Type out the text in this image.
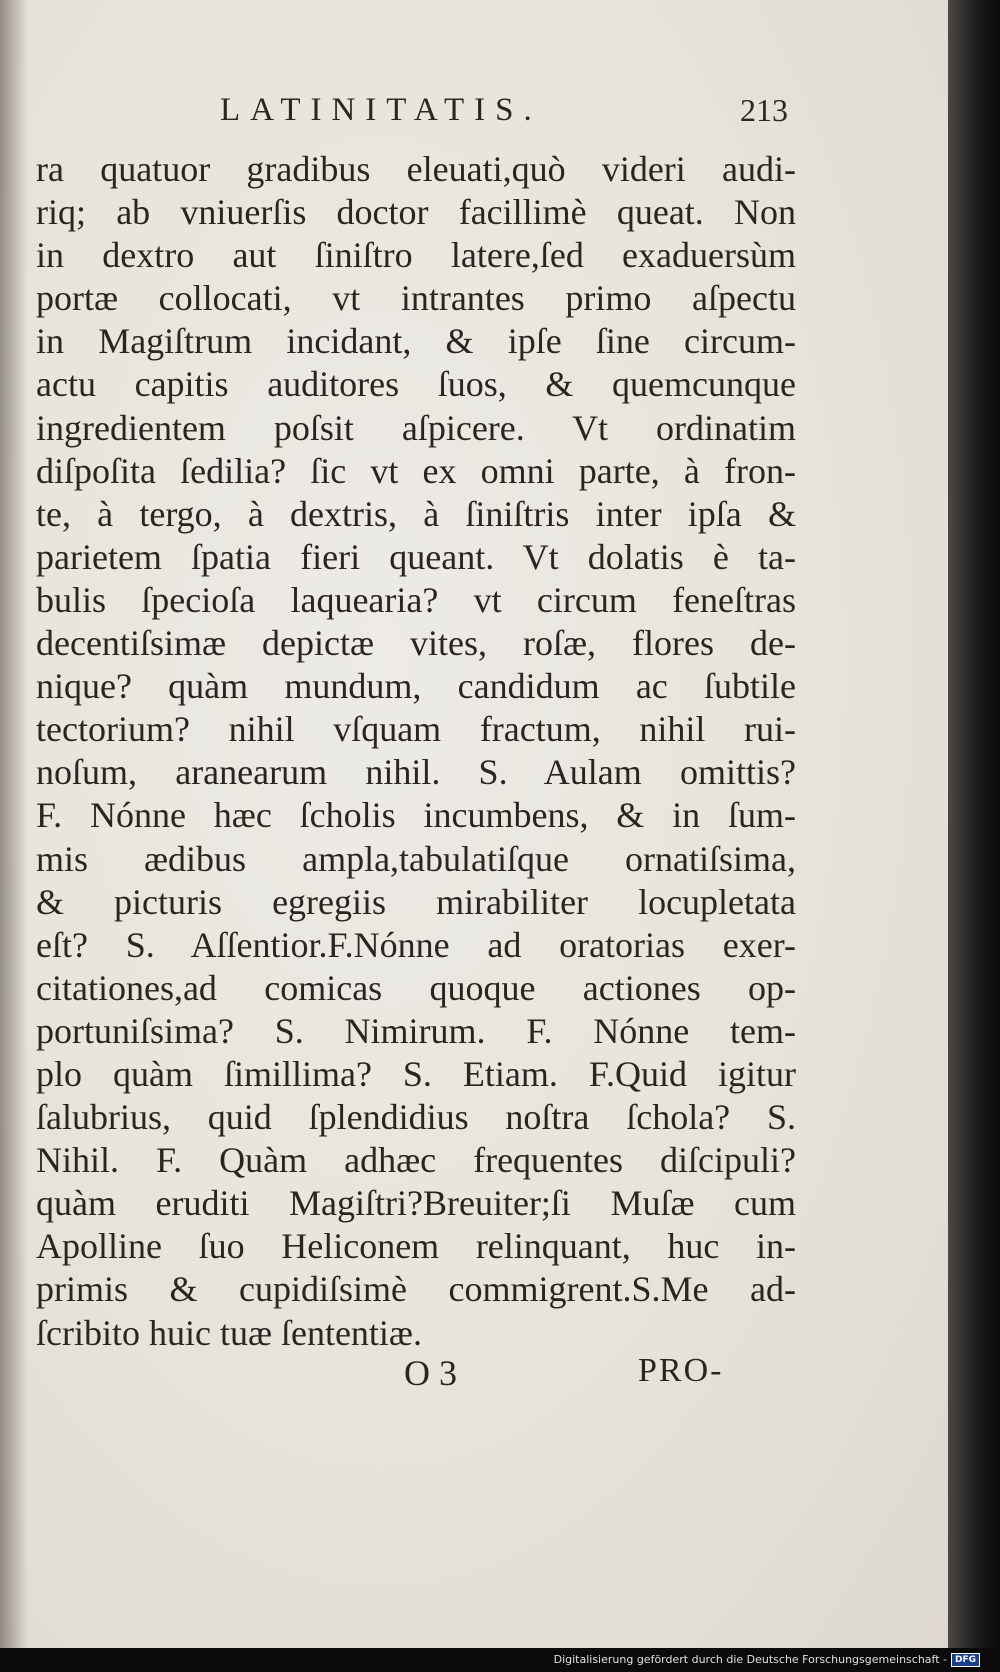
LATINITATIS.	213
ra quatuor gradibus eleuati,quò videri audi-
riq; ab vniuerſis doctor facillimè queat. Non
in dextro aut ſiniſtro latere,ſed exaduersùm
portæ collocati, vt intrantes primo aſpectu
in Magiſtrum incidant, & ipſe ſine circum-
actu capitis auditores ſuos, & quemcunque
ingredientem poſsit aſpicere. Vt ordinatim
diſpoſita ſedilia? ſic vt ex omni parte, à fron-
te, à tergo, à dextris, à ſiniſtris inter ipſa &
parietem ſpatia fieri queant. Vt dolatis è ta-
bulis ſpecioſa laquearia? vt circum feneſtras
decentiſsimæ depictæ vites, roſæ, flores de-
nique? quàm mundum, candidum ac ſubtile
tectorium? nihil vſquam fractum, nihil rui-
noſum, aranearum nihil. S. Aulam omittis?
F. Nónne hæc ſcholis incumbens, & in ſum-
mis ædibus ampla,tabulatiſque ornatiſsima,
& picturis egregiis mirabiliter locupletata
eſt? S. Aſſentior.F.Nónne ad oratorias exer-
citationes,ad comicas quoque actiones op-
portuniſsima? S. Nimirum. F. Nónne tem-
plo quàm ſimillima? S. Etiam. F.Quid igitur
ſalubrius, quid ſplendidius noſtra ſchola? S.
Nihil. F. Quàm adhæc frequentes diſcipuli?
quàm eruditi Magiſtri?Breuiter;ſi Muſæ cum
Apolline ſuo Heliconem relinquant, huc in-
primis & cupidiſsimè commigrent.S.Me ad-
ſcribito huic tuæ ſententiæ.
O 3	PRO-
Digitalisierung gefördert durch die Deutsche Forschungsgemeinschaft - DFG
